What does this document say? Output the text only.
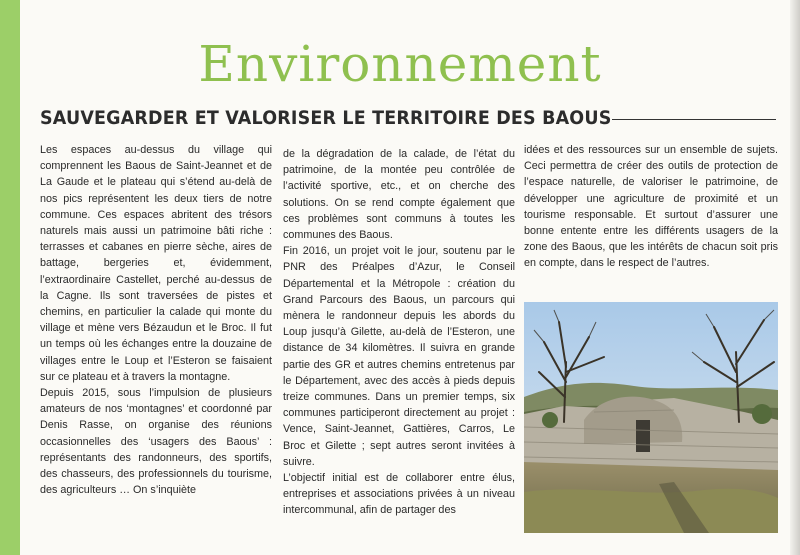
Environnement
SAUVEGARDER ET VALORISER LE TERRITOIRE DES BAOUS

Les espaces au-dessus du village qui comprennent les Baous de Saint-Jeannet et de La Gaude et le plateau qui s’étend au-delà de nos pics représentent les deux tiers de notre commune. Ces espaces abritent des trésors naturels mais aussi un patrimoine bâti riche : terrasses et cabanes en pierre sèche, aires de battage, bergeries et, évidemment, l’extraordinaire Castellet, perché au-dessus de la Cagne. Ils sont traversées de pistes et chemins, en particulier la calade qui monte du village et mène vers Bézaudun et le Broc. Il fut un temps où les échanges entre la douzaine de villages entre le Loup et l’Esteron se faisaient sur ce plateau et à travers la montagne.

Depuis 2015, sous l’impulsion de plusieurs amateurs de nos ‘montagnes’ et coordonné par Denis Rasse, on organise des réunions occasionnelles des ‘usagers des Baous’ : représentants des randonneurs, des sportifs, des chasseurs, des professionnels du tourisme, des agriculteurs … On s’inquiète

de la dégradation de la calade, de l’état du patrimoine, de la montée peu contrôlée de l’activité sportive, etc., et on cherche des solutions. On se rend compte également que ces problèmes sont communs à toutes les communes des Baous.

Fin 2016, un projet voit le jour, soutenu par le PNR des Préalpes d’Azur, le Conseil Départemental et la Métropole : création du Grand Parcours des Baous, un parcours qui mènera le randonneur depuis les abords du Loup jusqu’à Gilette, au-delà de l’Esteron, une distance de 34 kilomètres. Il suivra en grande partie des GR et autres chemins entretenus par le Département, avec des accès à pieds depuis treize communes. Dans un premier temps, six communes participeront directement au projet : Vence, Saint-Jeannet, Gattières, Carros, Le Broc et Gilette ; sept autres seront invitées à suivre.

L’objectif initial est de collaborer entre élus, entreprises et associations privées à un niveau intercommunal, afin de partager des

idées et des ressources sur un ensemble de sujets. Ceci permettra de créer des outils de protection de l’espace naturelle, de valoriser le patrimoine, de développer une agriculture de proximité et un tourisme responsable. Et surtout d’assurer une bonne entente entre les différents usagers de la zone des Baous, que les intérêts de chacun soit pris en compte, dans le respect de l’autres.
